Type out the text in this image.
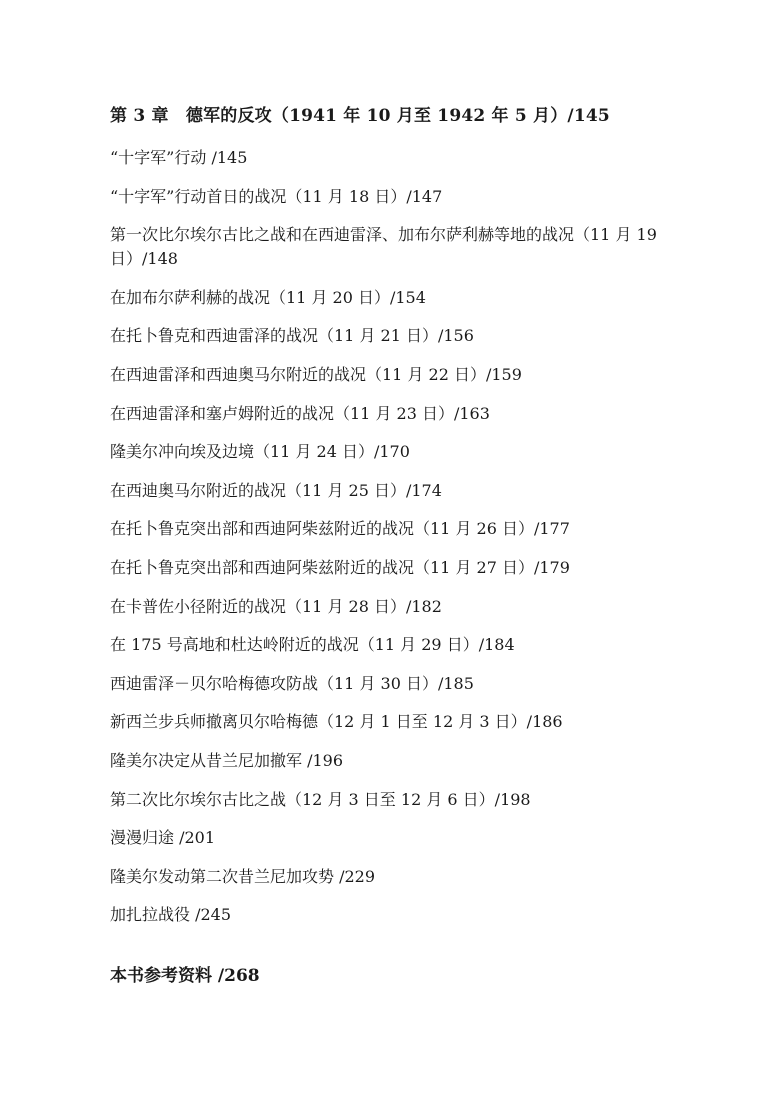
第 3 章　德军的反攻（1941 年 10 月至 1942 年 5 月）/145
“十字军”行动 /145
“十字军”行动首日的战况（11 月 18 日）/147
第一次比尔埃尔古比之战和在西迪雷泽、加布尔萨利赫等地的战况（11 月 19 日）/148
在加布尔萨利赫的战况（11 月 20 日）/154
在托卜鲁克和西迪雷泽的战况（11 月 21 日）/156
在西迪雷泽和西迪奥马尔附近的战况（11 月 22 日）/159
在西迪雷泽和塞卢姆附近的战况（11 月 23 日）/163
隆美尔冲向埃及边境（11 月 24 日）/170
在西迪奥马尔附近的战况（11 月 25 日）/174
在托卜鲁克突出部和西迪阿柴兹附近的战况（11 月 26 日）/177
在托卜鲁克突出部和西迪阿柴兹附近的战况（11 月 27 日）/179
在卡普佐小径附近的战况（11 月 28 日）/182
在 175 号高地和杜达岭附近的战况（11 月 29 日）/184
西迪雷泽－贝尔哈梅德攻防战（11 月 30 日）/185
新西兰步兵师撤离贝尔哈梅德（12 月 1 日至 12 月 3 日）/186
隆美尔决定从昔兰尼加撤军 /196
第二次比尔埃尔古比之战（12 月 3 日至 12 月 6 日）/198
漫漫归途 /201
隆美尔发动第二次昔兰尼加攻势 /229
加扎拉战役 /245
本书参考资料 /268
